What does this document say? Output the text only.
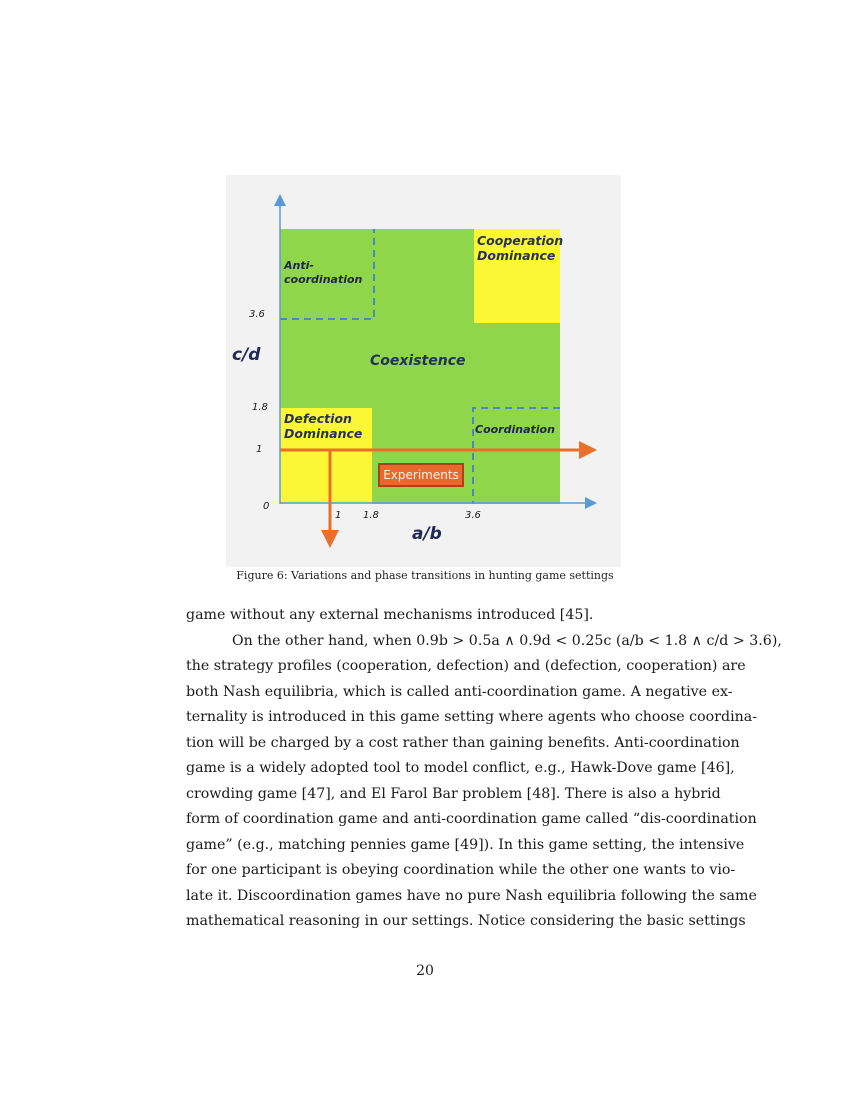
Anti-
coordination
Cooperation
Dominance
Coexistence
Defection
Dominance	Coordination
Experiments
3.6
1.8
1
0
c/d
1 1.8	3.6
a/b
Figure 6: Variations and phase transitions in hunting game settings
game without any external mechanisms introduced [45].
On the other hand, when 0.9b > 0.5a ∧ 0.9d < 0.25c (a/b < 1.8 ∧ c/d > 3.6),
the strategy profiles (cooperation, defection) and (defection, cooperation) are
both Nash equilibria, which is called anti-coordination game. A negative ex-
ternality is introduced in this game setting where agents who choose coordina-
tion will be charged by a cost rather than gaining benefits. Anti-coordination
game is a widely adopted tool to model conflict, e.g., Hawk-Dove game [46],
crowding game [47], and El Farol Bar problem [48]. There is also a hybrid
form of coordination game and anti-coordination game called “dis-coordination
game” (e.g., matching pennies game [49]). In this game setting, the intensive
for one participant is obeying coordination while the other one wants to vio-
late it. Discoordination games have no pure Nash equilibria following the same
mathematical reasoning in our settings. Notice considering the basic settings
20
